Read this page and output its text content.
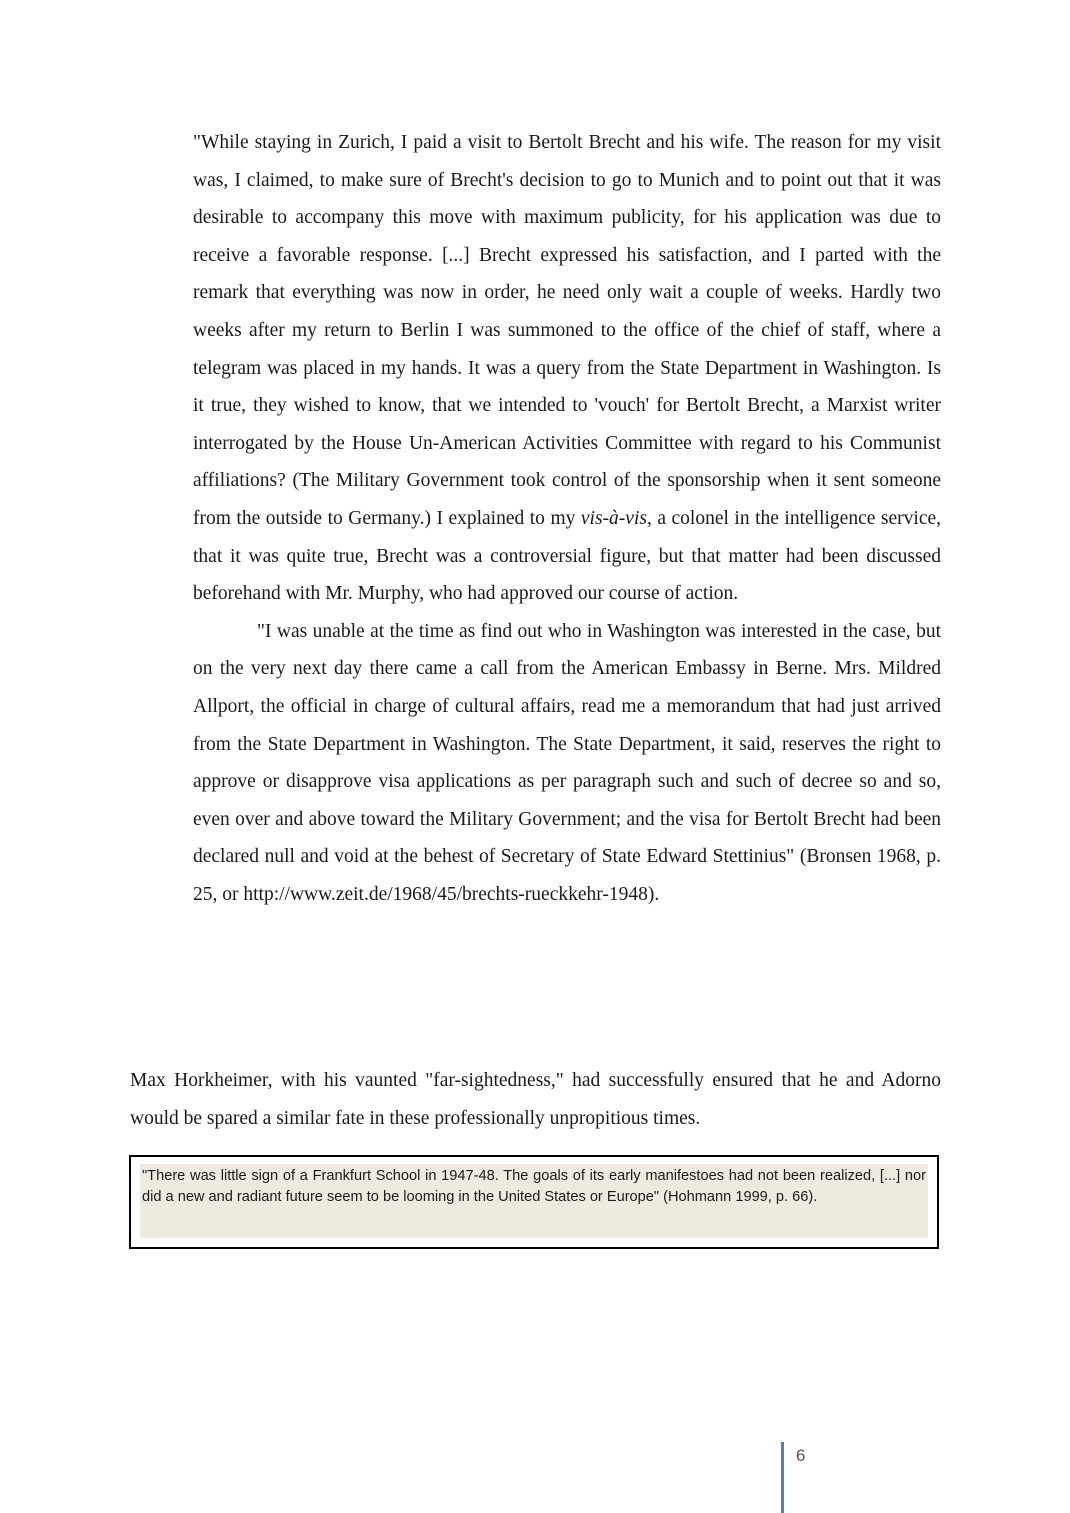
"While staying in Zurich, I paid a visit to Bertolt Brecht and his wife. The reason for my visit was, I claimed, to make sure of Brecht's decision to go to Munich and to point out that it was desirable to accompany this move with maximum publicity, for his application was due to receive a favorable response. [...] Brecht expressed his satisfaction, and I parted with the remark that everything was now in order, he need only wait a couple of weeks. Hardly two weeks after my return to Berlin I was summoned to the office of the chief of staff, where a telegram was placed in my hands. It was a query from the State Department in Washington. Is it true, they wished to know, that we intended to 'vouch' for Bertolt Brecht, a Marxist writer interrogated by the House Un-American Activities Committee with regard to his Communist affiliations? (The Military Government took control of the sponsorship when it sent someone from the outside to Germany.) I explained to my vis-à-vis, a colonel in the intelligence service, that it was quite true, Brecht was a controversial figure, but that matter had been discussed beforehand with Mr. Murphy, who had approved our course of action.

"I was unable at the time as find out who in Washington was interested in the case, but on the very next day there came a call from the American Embassy in Berne. Mrs. Mildred Allport, the official in charge of cultural affairs, read me a memorandum that had just arrived from the State Department in Washington. The State Department, it said, reserves the right to approve or disapprove visa applications as per paragraph such and such of decree so and so, even over and above toward the Military Government; and the visa for Bertolt Brecht had been declared null and void at the behest of Secretary of State Edward Stettinius" (Bronsen 1968, p. 25, or http://www.zeit.de/1968/45/brechts-rueckkehr-1948).

Max Horkheimer, with his vaunted "far-sightedness," had successfully ensured that he and Adorno would be spared a similar fate in these professionally unpropitious times.

"There was little sign of a Frankfurt School in 1947-48. The goals of its early manifestoes had not been realized, [...] nor did a new and radiant future seem to be looming in the United States or Europe" (Hohmann 1999, p. 66).
6
